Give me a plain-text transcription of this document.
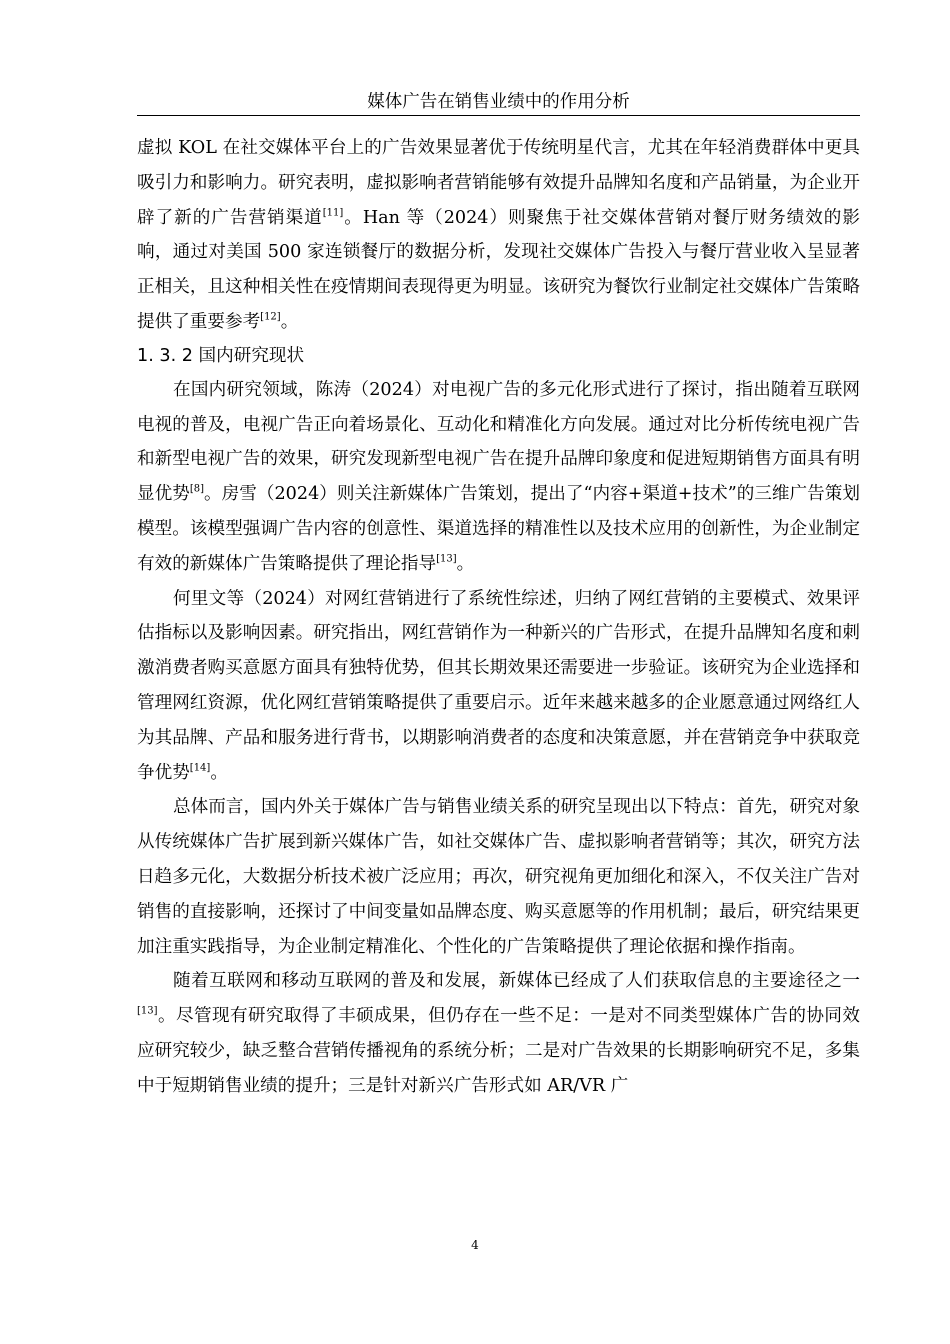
媒体广告在销售业绩中的作用分析

虚拟 KOL 在社交媒体平台上的广告效果显著优于传统明星代言，尤其在年轻消费群体中更具吸引力和影响力。研究表明，虚拟影响者营销能够有效提升品牌知名度和产品销量，为企业开辟了新的广告营销渠道[11]。Han 等（2024）则聚焦于社交媒体营销对餐厅财务绩效的影响，通过对美国 500 家连锁餐厅的数据分析，发现社交媒体广告投入与餐厅营业收入呈显著正相关，且这种相关性在疫情期间表现得更为明显。该研究为餐饮行业制定社交媒体广告策略提供了重要参考[12]。

1. 3. 2 国内研究现状

在国内研究领域，陈涛（2024）对电视广告的多元化形式进行了探讨，指出随着互联网电视的普及，电视广告正向着场景化、互动化和精准化方向发展。通过对比分析传统电视广告和新型电视广告的效果，研究发现新型电视广告在提升品牌印象度和促进短期销售方面具有明显优势[8]。房雪（2024）则关注新媒体广告策划，提出了“内容+渠道+技术”的三维广告策划模型。该模型强调广告内容的创意性、渠道选择的精准性以及技术应用的创新性，为企业制定有效的新媒体广告策略提供了理论指导[13]。

何里文等（2024）对网红营销进行了系统性综述，归纳了网红营销的主要模式、效果评估指标以及影响因素。研究指出，网红营销作为一种新兴的广告形式，在提升品牌知名度和刺激消费者购买意愿方面具有独特优势，但其长期效果还需要进一步验证。该研究为企业选择和管理网红资源，优化网红营销策略提供了重要启示。近年来越来越多的企业愿意通过网络红人为其品牌、产品和服务进行背书，以期影响消费者的态度和决策意愿，并在营销竞争中获取竞争优势[14]。

总体而言，国内外关于媒体广告与销售业绩关系的研究呈现出以下特点：首先，研究对象从传统媒体广告扩展到新兴媒体广告，如社交媒体广告、虚拟影响者营销等；其次，研究方法日趋多元化，大数据分析技术被广泛应用；再次，研究视角更加细化和深入，不仅关注广告对销售的直接影响，还探讨了中间变量如品牌态度、购买意愿等的作用机制；最后，研究结果更加注重实践指导，为企业制定精准化、个性化的广告策略提供了理论依据和操作指南。

随着互联网和移动互联网的普及和发展，新媒体已经成了人们获取信息的主要途径之一[13]。尽管现有研究取得了丰硕成果，但仍存在一些不足：一是对不同类型媒体广告的协同效应研究较少，缺乏整合营销传播视角的系统分析；二是对广告效果的长期影响研究不足，多集中于短期销售业绩的提升；三是针对新兴广告形式如 AR/VR 广

4
